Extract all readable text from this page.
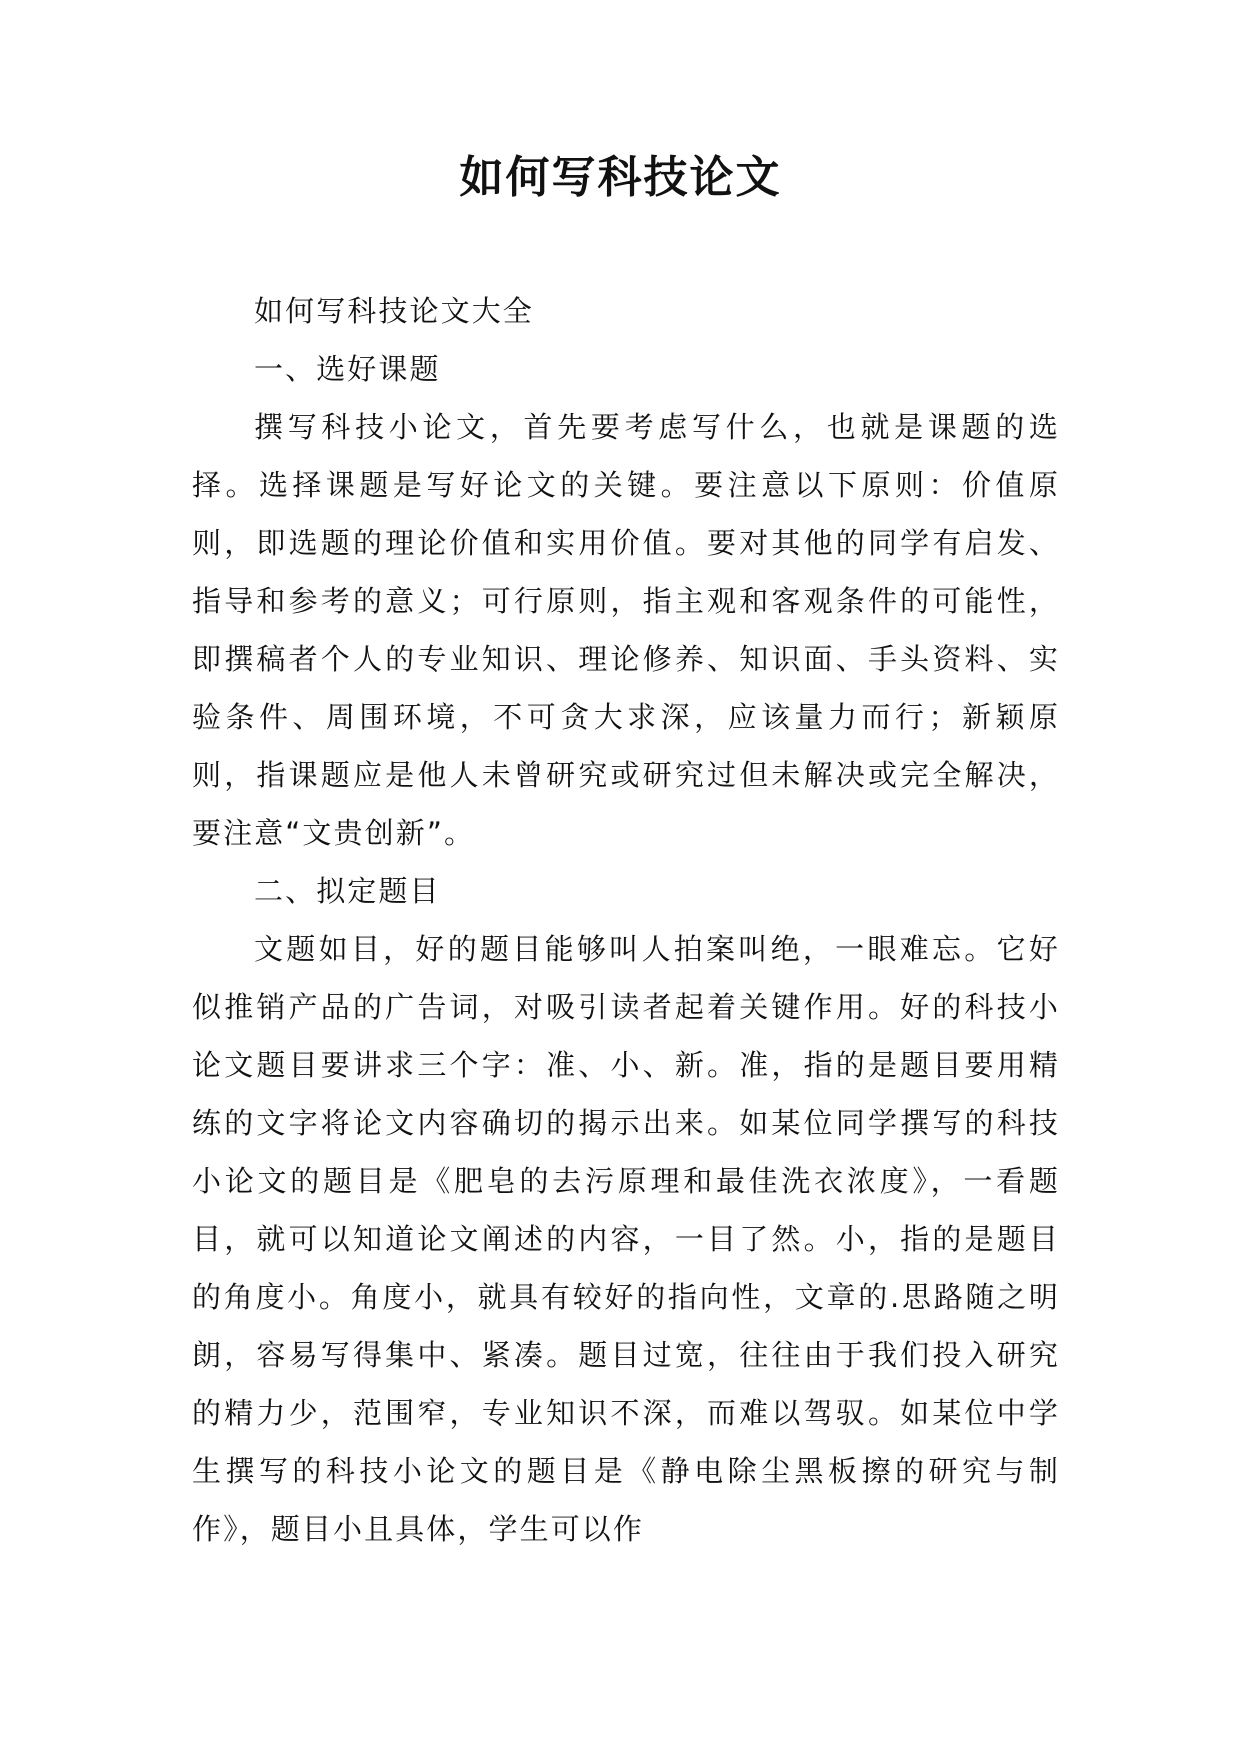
如何写科技论文

如何写科技论文大全

一、选好课题

撰写科技小论文，首先要考虑写什么，也就是课题的选择。选择课题是写好论文的关键。要注意以下原则：价值原则，即选题的理论价值和实用价值。要对其他的同学有启发、指导和参考的意义；可行原则，指主观和客观条件的可能性，即撰稿者个人的专业知识、理论修养、知识面、手头资料、实验条件、周围环境，不可贪大求深，应该量力而行；新颖原则，指课题应是他人未曾研究或研究过但未解决或完全解决，要注意“文贵创新”。

二、拟定题目

文题如目，好的题目能够叫人拍案叫绝，一眼难忘。它好似推销产品的广告词，对吸引读者起着关键作用。好的科技小论文题目要讲求三个字：准、小、新。准，指的是题目要用精练的文字将论文内容确切的揭示出来。如某位同学撰写的科技小论文的题目是《肥皂的去污原理和最佳洗衣浓度》，一看题目，就可以知道论文阐述的内容，一目了然。小，指的是题目的角度小。角度小，就具有较好的指向性，文章的.思路随之明朗，容易写得集中、紧凑。题目过宽，往往由于我们投入研究的精力少，范围窄，专业知识不深，而难以驾驭。如某位中学生撰写的科技小论文的题目是《静电除尘黑板擦的研究与制作》，题目小且具体，学生可以作
